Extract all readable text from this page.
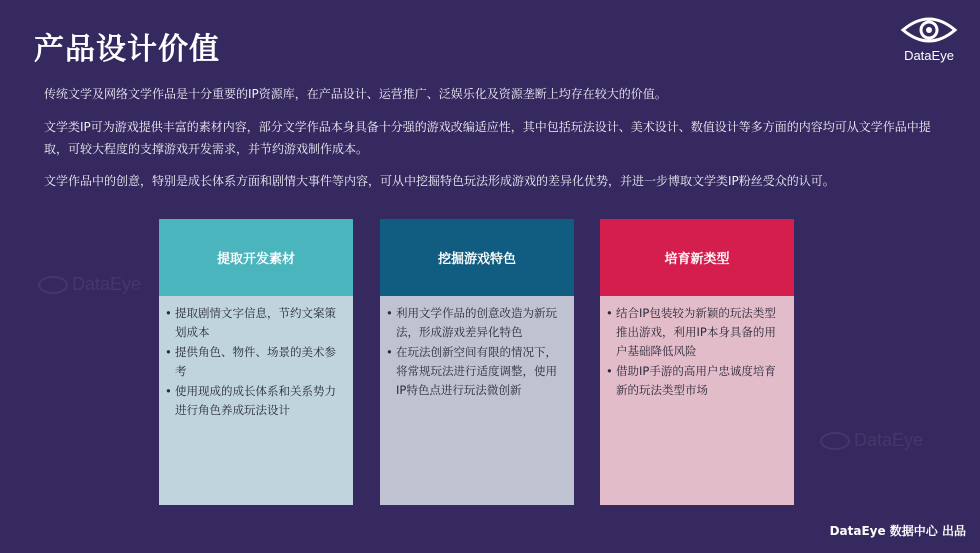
产品设计价值	DataEye
传统文学及网络文学作品是十分重要的IP资源库，在产品设计、运营推广、泛娱乐化及资源垄断上均存在较大的价值。
文学类IP可为游戏提供丰富的素材内容，部分文学作品本身具备十分强的游戏改编适应性，其中包括玩法设计、美术设计、数值设计等多方面的内容均可从文学作品中提取，可较大程度的支撑游戏开发需求，并节约游戏制作成本。
文学作品中的创意，特别是成长体系方面和剧情大事件等内容，可从中挖掘特色玩法形成游戏的差异化优势，并进一步博取文学类IP粉丝受众的认可。
DataEye
DataEye
提取开发素材
• 提取剧情文字信息，节约文案策划成本
• 提供角色、物件、场景的美术参考
• 使用现成的成长体系和关系势力进行角色养成玩法设计
挖掘游戏特色
• 利用文学作品的创意改造为新玩法，形成游戏差异化特色
• 在玩法创新空间有限的情况下，将常规玩法进行适度调整，使用IP特色点进行玩法微创新
培育新类型
• 结合IP包装较为新颖的玩法类型推出游戏，利用IP本身具备的用户基础降低风险
• 借助IP手游的高用户忠诚度培育新的玩法类型市场
DataEye 数据中心 出品
